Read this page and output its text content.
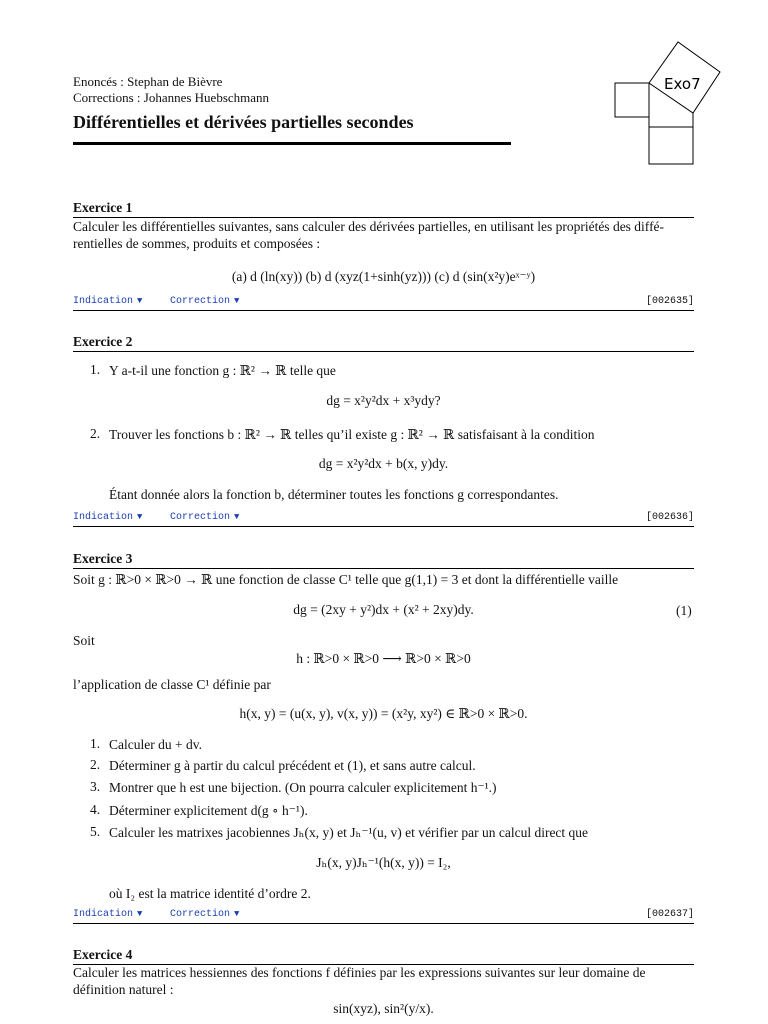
Enoncés : Stephan de Bièvre
Corrections : Johannes Huebschmann
Différentielles et dérivées partielles secondes
Exo7
Exercice 1
Calculer les différentielles suivantes, sans calculer des dérivées partielles, en utilisant les propriétés des diffé-
rentielles de sommes, produits et composées :
(a) d (ln(xy)) (b) d (xyz(1+sinh(yz))) (c) d (sin(x²y)eˣ⁻ʸ)
Indication ▼	Correction ▼	[002635]
Exercice 2
1. Y a-t-il une fonction g : ℝ² → ℝ telle que
dg = x²y²dx + x³ydy?
2. Trouver les fonctions b : ℝ² → ℝ telles qu’il existe g : ℝ² → ℝ satisfaisant à la condition
dg = x²y²dx + b(x, y)dy.
Étant donnée alors la fonction b, déterminer toutes les fonctions g correspondantes.
Indication ▼	Correction ▼	[002636]
Exercice 3
Soit g : ℝ>0 × ℝ>0 → ℝ une fonction de classe C¹ telle que g(1,1) = 3 et dont la différentielle vaille
dg = (2xy + y²)dx + (x² + 2xy)dy.	(1)
Soit
h : ℝ>0 × ℝ>0 ⟶ ℝ>0 × ℝ>0
l’application de classe C¹ définie par
h(x, y) = (u(x, y), v(x, y)) = (x²y, xy²) ∈ ℝ>0 × ℝ>0.
1. Calculer du + dv.
2. Déterminer g à partir du calcul précédent et (1), et sans autre calcul.
3. Montrer que h est une bijection. (On pourra calculer explicitement h⁻¹.)
4. Déterminer explicitement d(g ∘ h⁻¹).
5. Calculer les matrixes jacobiennes Jₕ(x, y) et Jₕ⁻¹(u, v) et vérifier par un calcul direct que
Jₕ(x, y)Jₕ⁻¹(h(x, y)) = I₂,
où I₂ est la matrice identité d’ordre 2.
Indication ▼	Correction ▼	[002637]
Exercice 4
Calculer les matrices hessiennes des fonctions f définies par les expressions suivantes sur leur domaine de
définition naturel :
sin(xyz), sin²(y/x).
